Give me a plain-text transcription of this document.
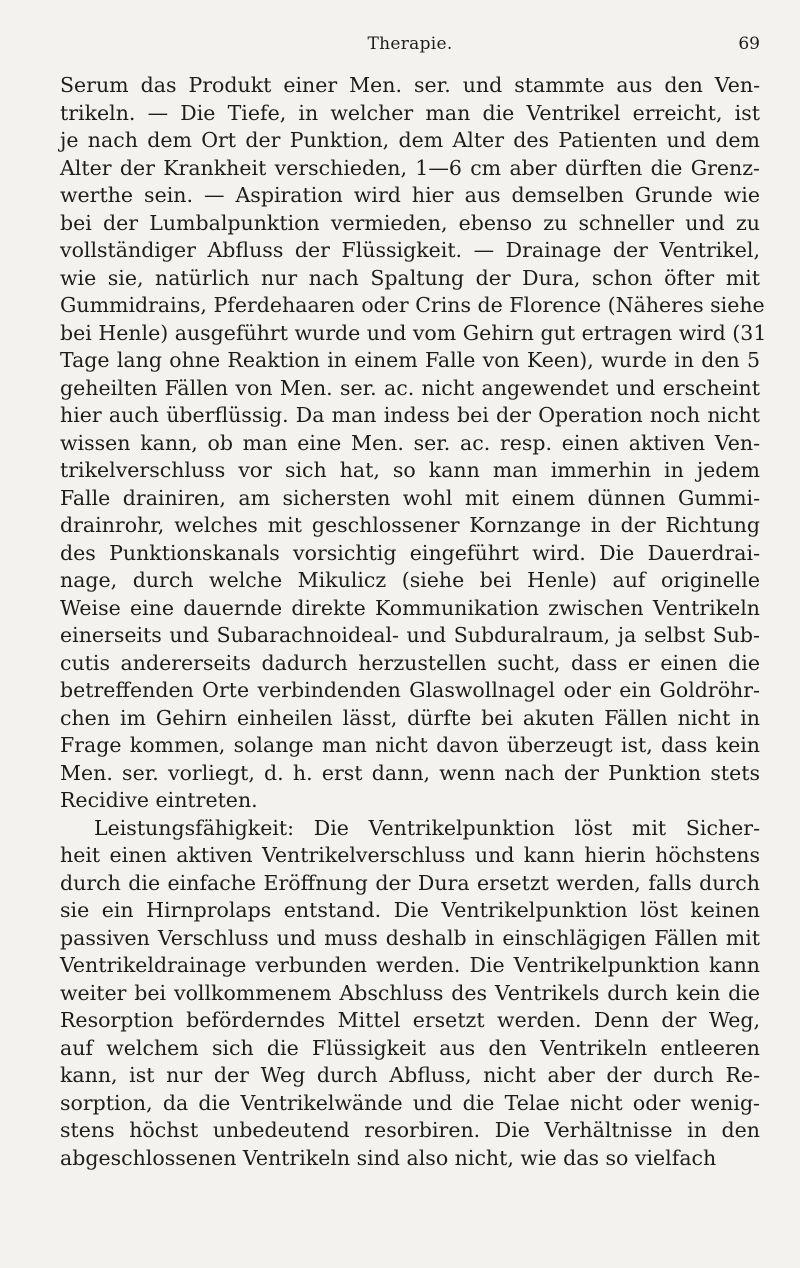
Therapie.	69
Serum das Produkt einer Men. ser. und stammte aus den Ven-
trikeln. — Die Tiefe, in welcher man die Ventrikel erreicht, ist
je nach dem Ort der Punktion, dem Alter des Patienten und dem
Alter der Krankheit verschieden, 1—6 cm aber dürften die Grenz-
werthe sein. — Aspiration wird hier aus demselben Grunde wie
bei der Lumbalpunktion vermieden, ebenso zu schneller und zu
vollständiger Abfluss der Flüssigkeit. — Drainage der Ventrikel,
wie sie, natürlich nur nach Spaltung der Dura, schon öfter mit
Gummidrains, Pferdehaaren oder Crins de Florence (Näheres siehe
bei Henle) ausgeführt wurde und vom Gehirn gut ertragen wird (31
Tage lang ohne Reaktion in einem Falle von Keen), wurde in den 5
geheilten Fällen von Men. ser. ac. nicht angewendet und erscheint
hier auch überflüssig. Da man indess bei der Operation noch nicht
wissen kann, ob man eine Men. ser. ac. resp. einen aktiven Ven-
trikelverschluss vor sich hat, so kann man immerhin in jedem
Falle drainiren, am sichersten wohl mit einem dünnen Gummi-
drainrohr, welches mit geschlossener Kornzange in der Richtung
des Punktionskanals vorsichtig eingeführt wird. Die Dauerdrai-
nage, durch welche Mikulicz (siehe bei Henle) auf originelle
Weise eine dauernde direkte Kommunikation zwischen Ventrikeln
einerseits und Subarachnoideal- und Subduralraum, ja selbst Sub-
cutis andererseits dadurch herzustellen sucht, dass er einen die
betreffenden Orte verbindenden Glaswollnagel oder ein Goldröhr-
chen im Gehirn einheilen lässt, dürfte bei akuten Fällen nicht in
Frage kommen, solange man nicht davon überzeugt ist, dass kein
Men. ser. vorliegt, d. h. erst dann, wenn nach der Punktion stets
Recidive eintreten.
Leistungsfähigkeit: Die Ventrikelpunktion löst mit Sicher-
heit einen aktiven Ventrikelverschluss und kann hierin höchstens
durch die einfache Eröffnung der Dura ersetzt werden, falls durch
sie ein Hirnprolaps entstand. Die Ventrikelpunktion löst keinen
passiven Verschluss und muss deshalb in einschlägigen Fällen mit
Ventrikeldrainage verbunden werden. Die Ventrikelpunktion kann
weiter bei vollkommenem Abschluss des Ventrikels durch kein die
Resorption beförderndes Mittel ersetzt werden. Denn der Weg,
auf welchem sich die Flüssigkeit aus den Ventrikeln entleeren
kann, ist nur der Weg durch Abfluss, nicht aber der durch Re-
sorption, da die Ventrikelwände und die Telae nicht oder wenig-
stens höchst unbedeutend resorbiren. Die Verhältnisse in den
abgeschlossenen Ventrikeln sind also nicht, wie das so vielfach
